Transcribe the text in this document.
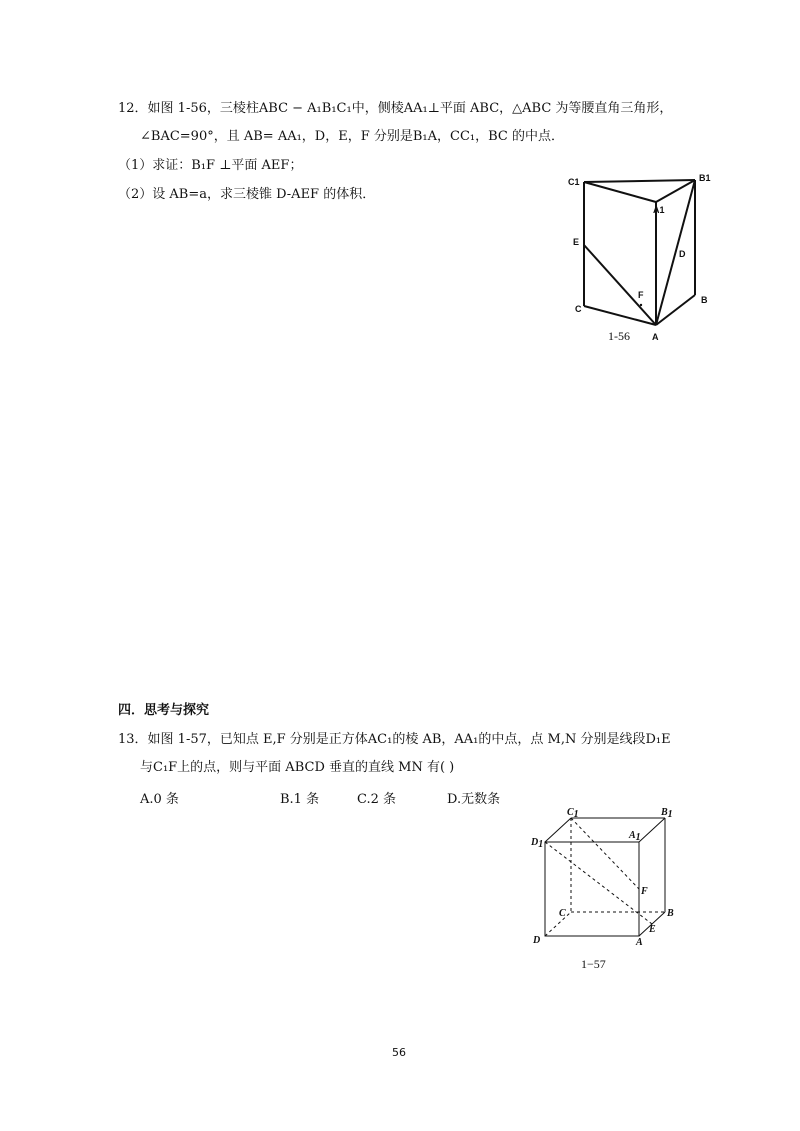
12．如图 1-56，三棱柱ABC − A₁B₁C₁中，侧棱AA₁⊥平面 ABC，△ABC 为等腰直角三角形，
∠BAC=90°，且 AB= AA₁，D，E，F 分别是B₁A，CC₁，BC 的中点．
（1）求证：B₁F ⊥平面 AEF；
（2）设 AB=a，求三棱锥 D-AEF 的体积．
C1	B1
A1
D
E
F
C
B
A
1-56
四．思考与探究
13．如图 1-57，已知点 E,F 分别是正方体AC₁的棱 AB，AA₁的中点，点 M,N 分别是线段D₁E
与C₁F上的点，则与平面 ABCD 垂直的直线 MN 有( )
A.0 条	B.1 条	C.2 条	D.无数条
C1	B1
A1
D1
F
C	B
D	A
E
1−57
56
